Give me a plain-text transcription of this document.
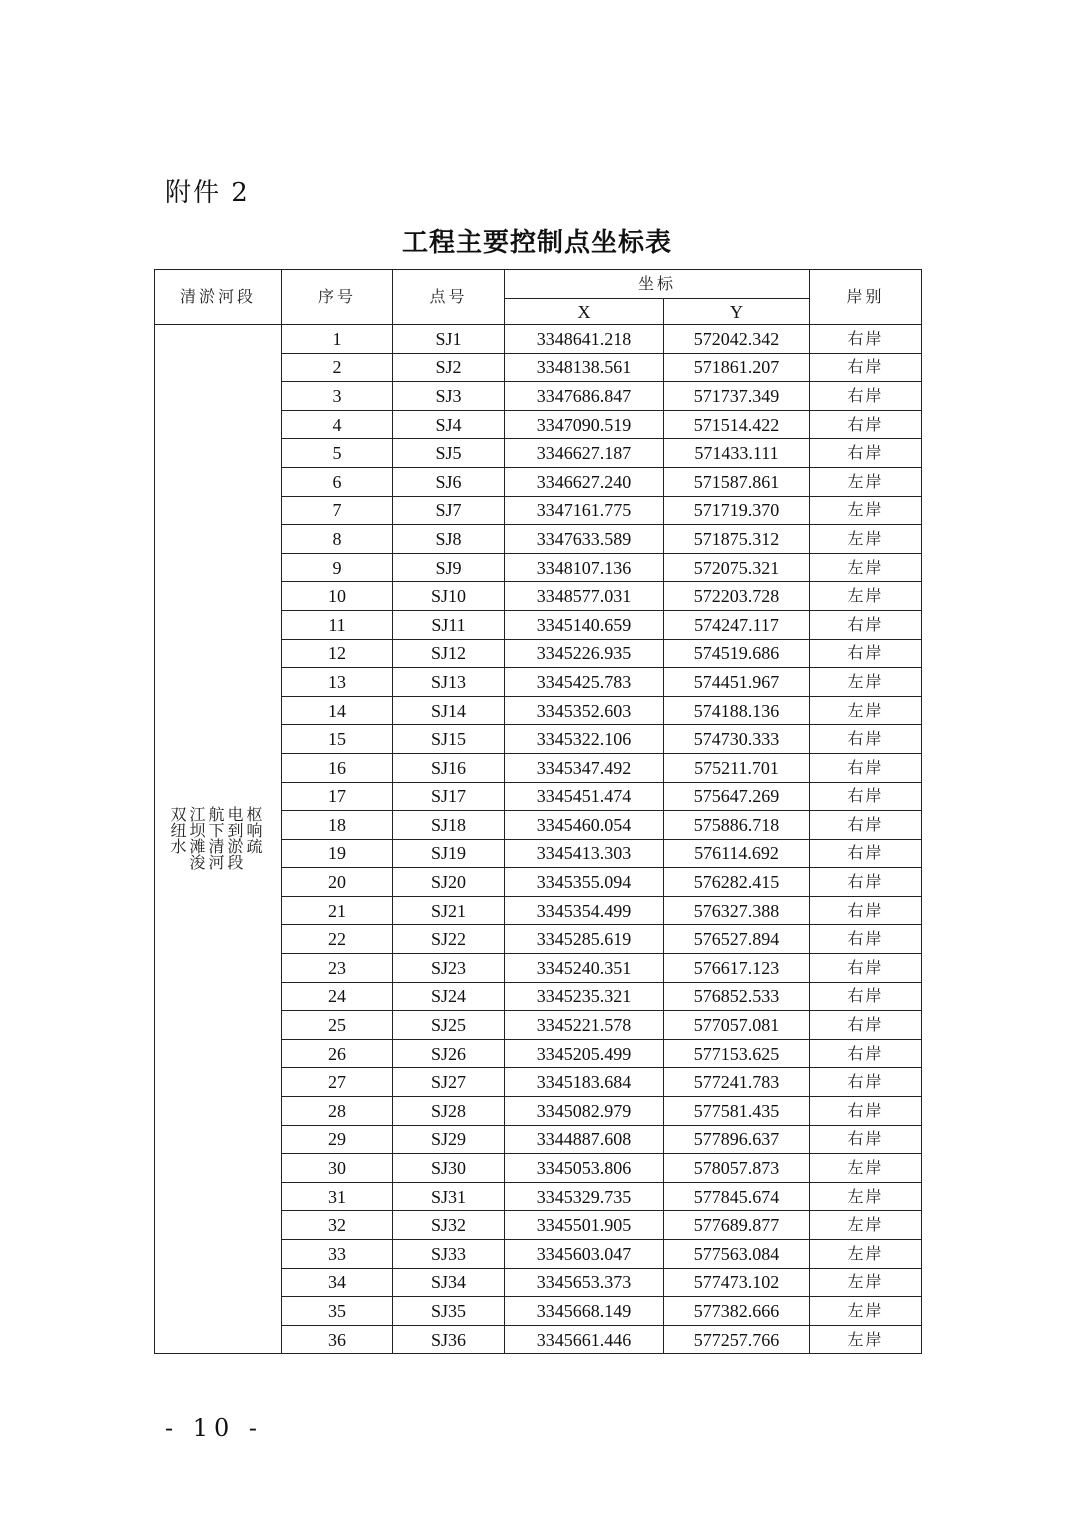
附件 2
工程主要控制点坐标表
清淤河段	序号	点号	坐标		岸别
			X	Y	
双江航电枢纽坝下到响水滩清淤疏浚河段	1	SJ1	3348641.218	572042.342	右岸
	2	SJ2	3348138.561	571861.207	右岸
	3	SJ3	3347686.847	571737.349	右岸
	4	SJ4	3347090.519	571514.422	右岸
	5	SJ5	3346627.187	571433.111	右岸
	6	SJ6	3346627.240	571587.861	左岸
	7	SJ7	3347161.775	571719.370	左岸
	8	SJ8	3347633.589	571875.312	左岸
	9	SJ9	3348107.136	572075.321	左岸
	10	SJ10	3348577.031	572203.728	左岸
	11	SJ11	3345140.659	574247.117	右岸
	12	SJ12	3345226.935	574519.686	右岸
	13	SJ13	3345425.783	574451.967	左岸
	14	SJ14	3345352.603	574188.136	左岸
	15	SJ15	3345322.106	574730.333	右岸
	16	SJ16	3345347.492	575211.701	右岸
	17	SJ17	3345451.474	575647.269	右岸
	18	SJ18	3345460.054	575886.718	右岸
	19	SJ19	3345413.303	576114.692	右岸
	20	SJ20	3345355.094	576282.415	右岸
	21	SJ21	3345354.499	576327.388	右岸
	22	SJ22	3345285.619	576527.894	右岸
	23	SJ23	3345240.351	576617.123	右岸
	24	SJ24	3345235.321	576852.533	右岸
	25	SJ25	3345221.578	577057.081	右岸
	26	SJ26	3345205.499	577153.625	右岸
	27	SJ27	3345183.684	577241.783	右岸
	28	SJ28	3345082.979	577581.435	右岸
	29	SJ29	3344887.608	577896.637	右岸
	30	SJ30	3345053.806	578057.873	左岸
	31	SJ31	3345329.735	577845.674	左岸
	32	SJ32	3345501.905	577689.877	左岸
	33	SJ33	3345603.047	577563.084	左岸
	34	SJ34	3345653.373	577473.102	左岸
	35	SJ35	3345668.149	577382.666	左岸
	36	SJ36	3345661.446	577257.766	左岸
- 10 -
